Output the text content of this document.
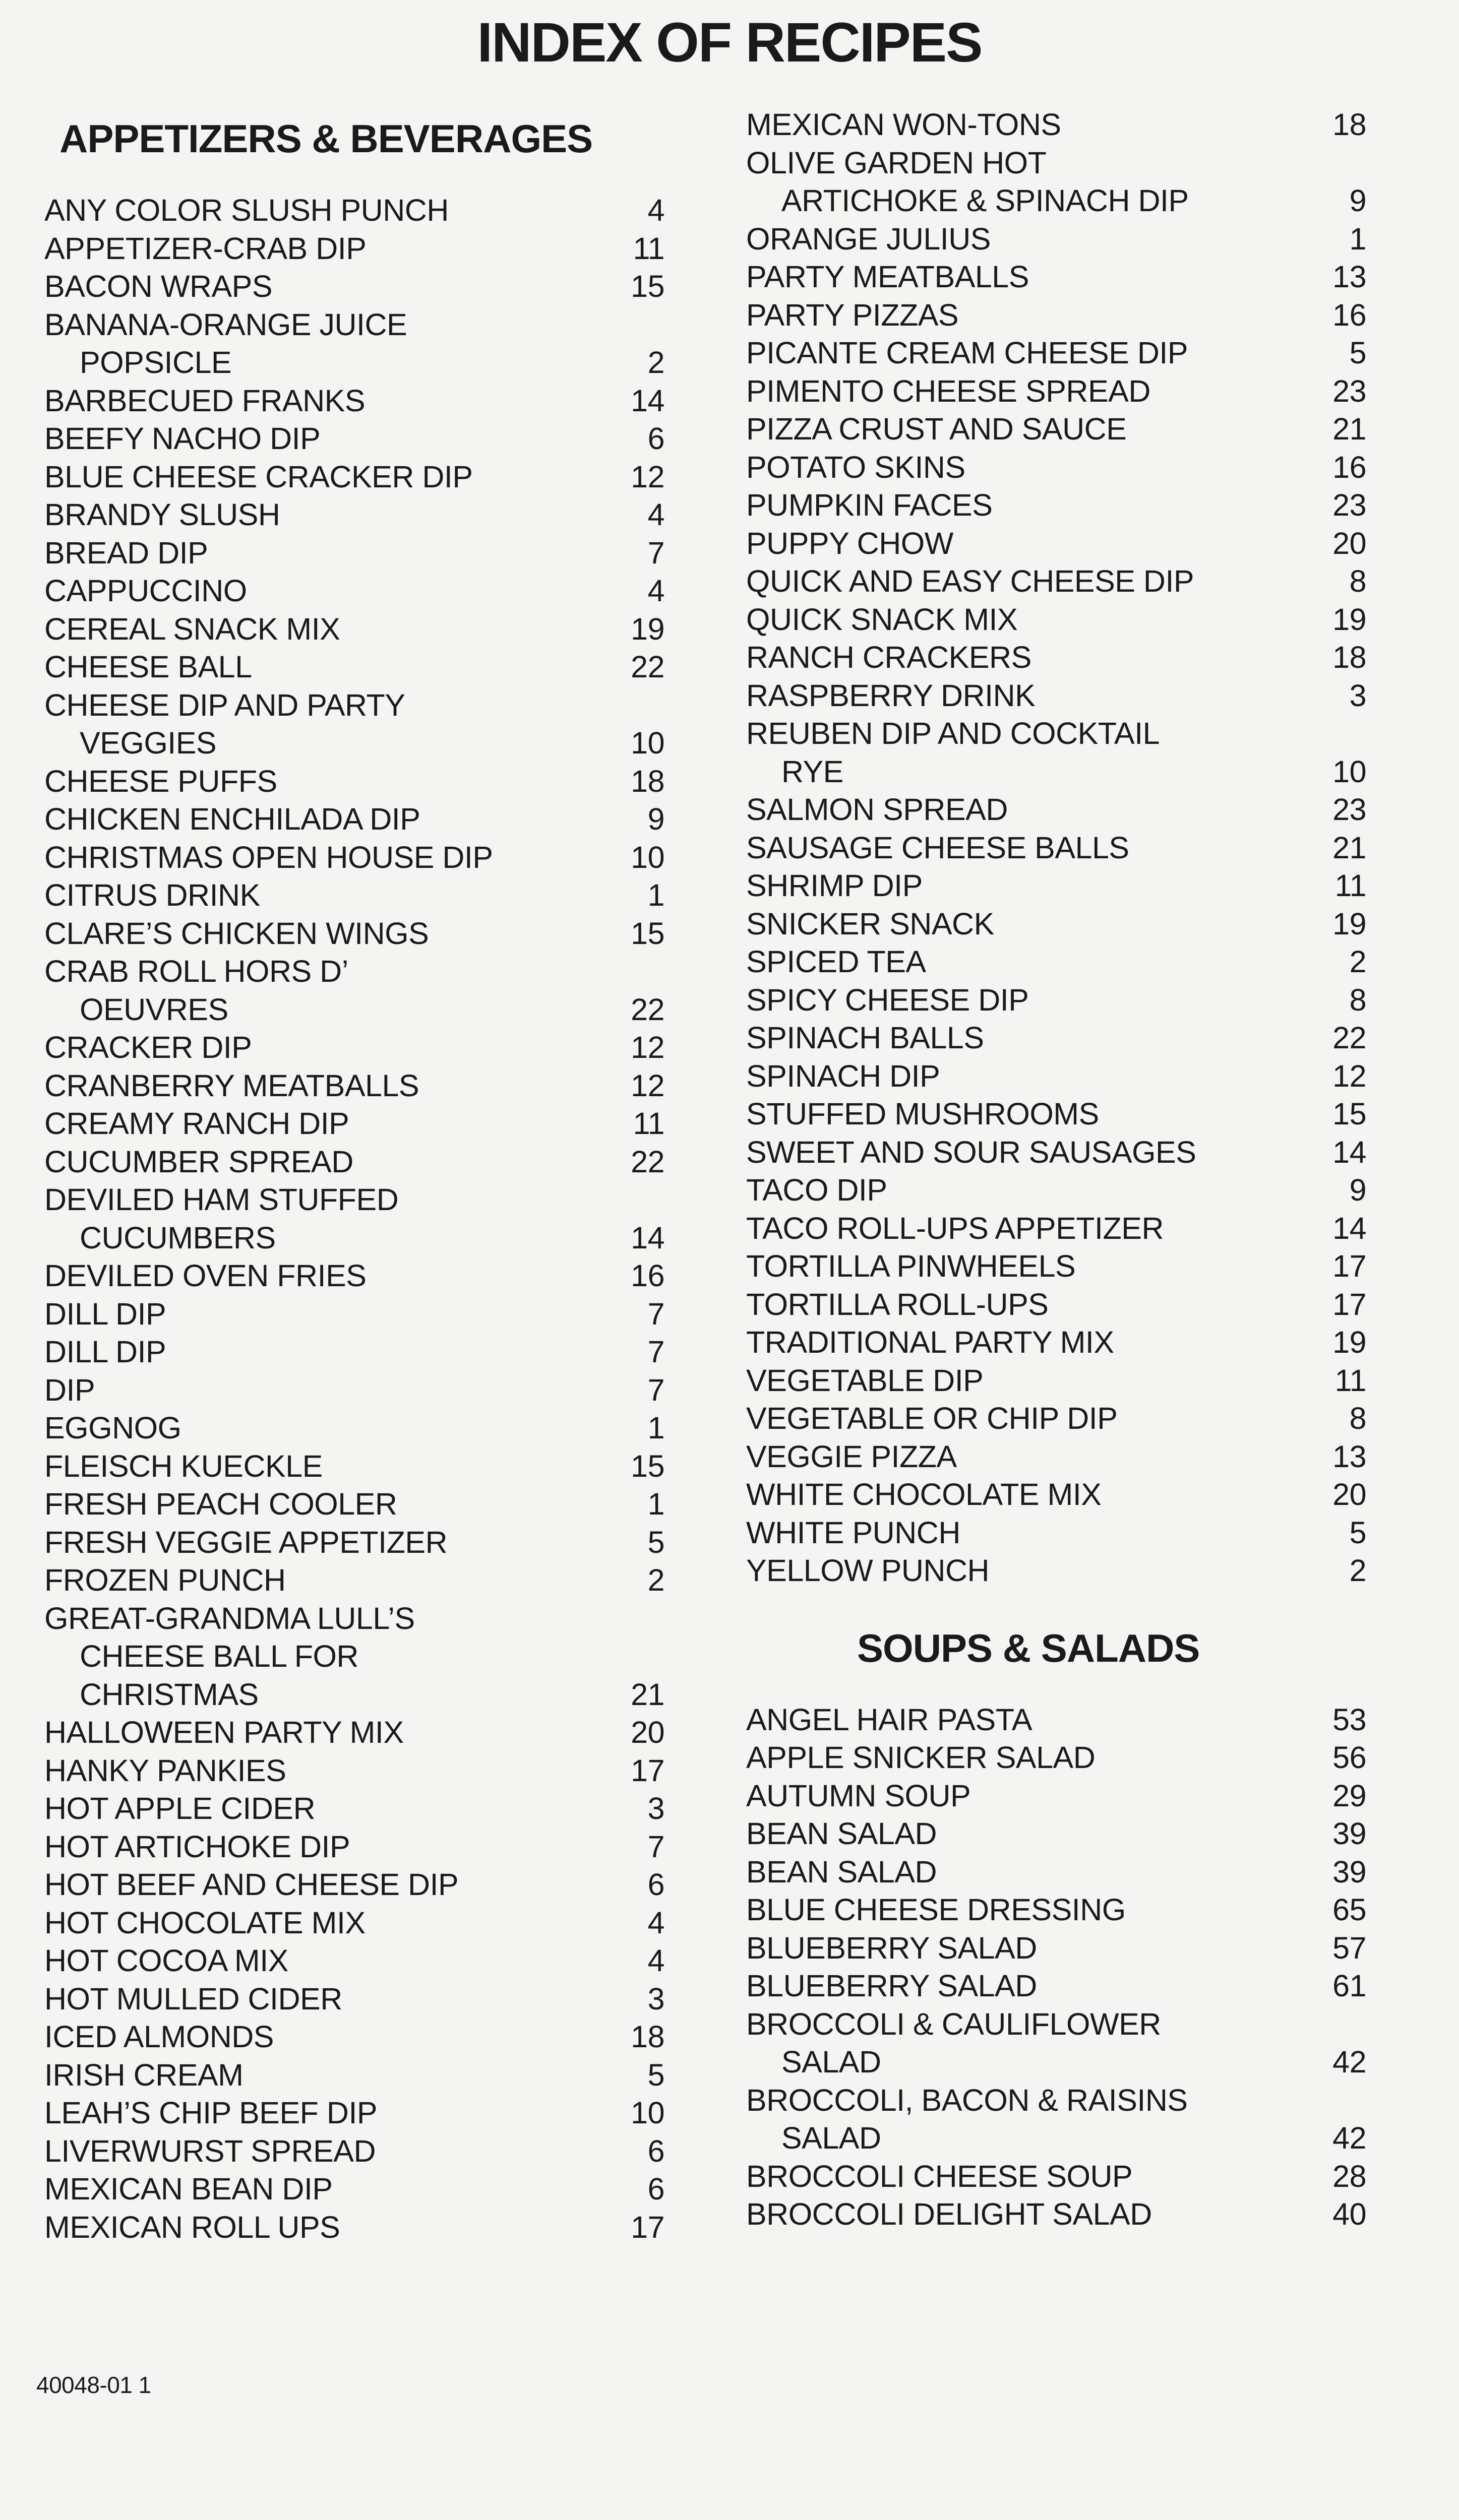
INDEX OF RECIPES
APPETIZERS & BEVERAGES
ANY COLOR SLUSH PUNCH	4
APPETIZER-CRAB DIP	11
BACON WRAPS	15
BANANA-ORANGE JUICE
POPSICLE	2
BARBECUED FRANKS	14
BEEFY NACHO DIP	6
BLUE CHEESE CRACKER DIP	12
BRANDY SLUSH	4
BREAD DIP	7
CAPPUCCINO	4
CEREAL SNACK MIX	19
CHEESE BALL	22
CHEESE DIP AND PARTY
VEGGIES	10
CHEESE PUFFS	18
CHICKEN ENCHILADA DIP	9
CHRISTMAS OPEN HOUSE DIP	10
CITRUS DRINK	1
CLARE’S CHICKEN WINGS	15
CRAB ROLL HORS D’
OEUVRES	22
CRACKER DIP	12
CRANBERRY MEATBALLS	12
CREAMY RANCH DIP	11
CUCUMBER SPREAD	22
DEVILED HAM STUFFED
CUCUMBERS	14
DEVILED OVEN FRIES	16
DILL DIP	7
DILL DIP	7
DIP	7
EGGNOG	1
FLEISCH KUECKLE	15
FRESH PEACH COOLER	1
FRESH VEGGIE APPETIZER	5
FROZEN PUNCH	2
GREAT-GRANDMA LULL’S
CHEESE BALL FOR
CHRISTMAS	21
HALLOWEEN PARTY MIX	20
HANKY PANKIES	17
HOT APPLE CIDER	3
HOT ARTICHOKE DIP	7
HOT BEEF AND CHEESE DIP	6
HOT CHOCOLATE MIX	4
HOT COCOA MIX	4
HOT MULLED CIDER	3
ICED ALMONDS	18
IRISH CREAM	5
LEAH’S CHIP BEEF DIP	10
LIVERWURST SPREAD	6
MEXICAN BEAN DIP	6
MEXICAN ROLL UPS	17
MEXICAN WON-TONS	18
OLIVE GARDEN HOT
ARTICHOKE & SPINACH DIP	9
ORANGE JULIUS	1
PARTY MEATBALLS	13
PARTY PIZZAS	16
PICANTE CREAM CHEESE DIP	5
PIMENTO CHEESE SPREAD	23
PIZZA CRUST AND SAUCE	21
POTATO SKINS	16
PUMPKIN FACES	23
PUPPY CHOW	20
QUICK AND EASY CHEESE DIP	8
QUICK SNACK MIX	19
RANCH CRACKERS	18
RASPBERRY DRINK	3
REUBEN DIP AND COCKTAIL
RYE	10
SALMON SPREAD	23
SAUSAGE CHEESE BALLS	21
SHRIMP DIP	11
SNICKER SNACK	19
SPICED TEA	2
SPICY CHEESE DIP	8
SPINACH BALLS	22
SPINACH DIP	12
STUFFED MUSHROOMS	15
SWEET AND SOUR SAUSAGES	14
TACO DIP	9
TACO ROLL-UPS APPETIZER	14
TORTILLA PINWHEELS	17
TORTILLA ROLL-UPS	17
TRADITIONAL PARTY MIX	19
VEGETABLE DIP	11
VEGETABLE OR CHIP DIP	8
VEGGIE PIZZA	13
WHITE CHOCOLATE MIX	20
WHITE PUNCH	5
YELLOW PUNCH	2
SOUPS & SALADS
ANGEL HAIR PASTA	53
APPLE SNICKER SALAD	56
AUTUMN SOUP	29
BEAN SALAD	39
BEAN SALAD	39
BLUE CHEESE DRESSING	65
BLUEBERRY SALAD	57
BLUEBERRY SALAD	61
BROCCOLI & CAULIFLOWER
SALAD	42
BROCCOLI, BACON & RAISINS
SALAD	42
BROCCOLI CHEESE SOUP	28
BROCCOLI DELIGHT SALAD	40
40048-01 1
